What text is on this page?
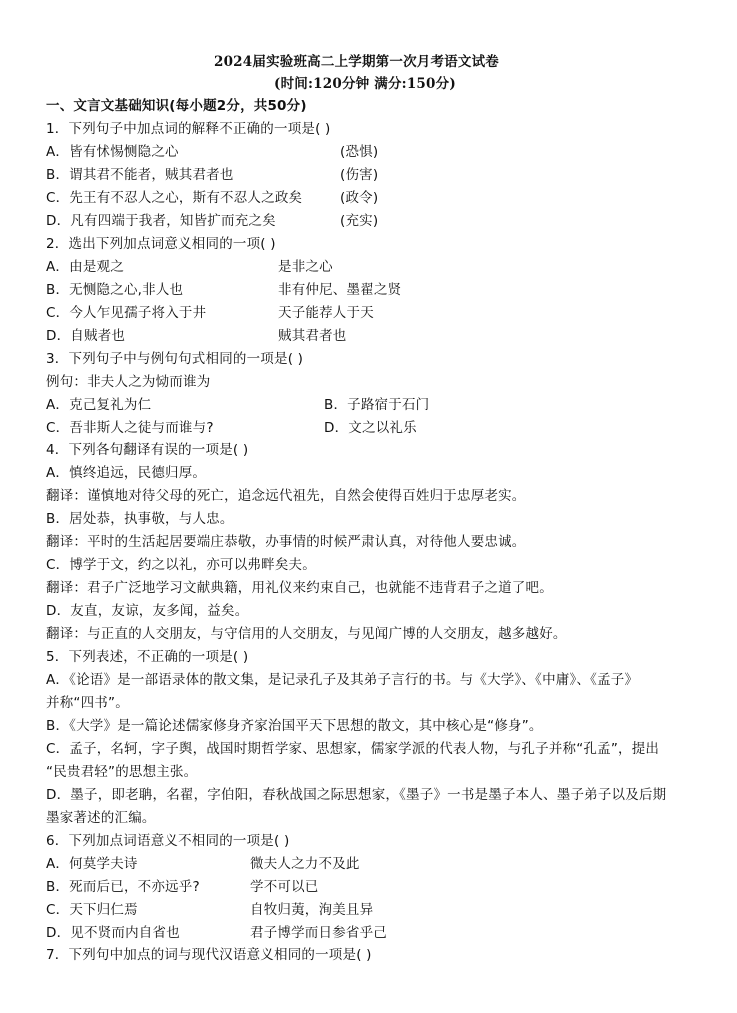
2024届实验班高二上学期第一次月考语文试卷
(时间:120分钟 满分:150分)
一、文言文基础知识(每小题2分，共50分)
1．下列句子中加点词的解释不正确的一项是( )
A．皆有怵惕恻隐之心	(恐惧)
B．谓其君不能者，贼其君者也	(伤害)
C．先王有不忍人之心，斯有不忍人之政矣	(政令)
D．凡有四端于我者，知皆扩而充之矣	(充实)
2．选出下列加点词意义相同的一项( )
A．由是观之	是非之心
B．无恻隐之心,非人也	非有仲尼、墨翟之贤
C．今人乍见孺子将入于井	天子能荐人于天
D．自贼者也	贼其君者也
3．下列句子中与例句句式相同的一项是( )
例句：非夫人之为恸而谁为
A．克己复礼为仁	B．子路宿于石门
C．吾非斯人之徒与而谁与?	D．文之以礼乐
4．下列各句翻译有误的一项是( )
A．慎终追远，民德归厚。
翻译：谨慎地对待父母的死亡，追念远代祖先，自然会使得百姓归于忠厚老实。
B．居处恭，执事敬，与人忠。
翻译：平时的生活起居要端庄恭敬，办事情的时候严肃认真，对待他人要忠诚。
C．博学于文，约之以礼，亦可以弗畔矣夫。
翻译：君子广泛地学习文献典籍，用礼仪来约束自己，也就能不违背君子之道了吧。
D．友直，友谅，友多闻，益矣。
翻译：与正直的人交朋友，与守信用的人交朋友，与见闻广博的人交朋友，越多越好。
5．下列表述，不正确的一项是( )
A．《论语》是一部语录体的散文集，是记录孔子及其弟子言行的书。与《大学》、《中庸》、《孟子》
并称“四书”。
B．《大学》是一篇论述儒家修身齐家治国平天下思想的散文，其中核心是“修身”。
C．孟子，名轲，字子舆，战国时期哲学家、思想家，儒家学派的代表人物，与孔子并称“孔孟”，提出
“民贵君轻”的思想主张。
D．墨子，即老聃，名翟，字伯阳，春秋战国之际思想家，《墨子》一书是墨子本人、墨子弟子以及后期
墨家著述的汇编。
6．下列加点词语意义不相同的一项是( )
A．何莫学夫诗	微夫人之力不及此
B．死而后已，不亦远乎?	学不可以已
C．天下归仁焉	自牧归荑，洵美且异
D．见不贤而内自省也	君子博学而日参省乎己
7．下列句中加点的词与现代汉语意义相同的一项是( )
